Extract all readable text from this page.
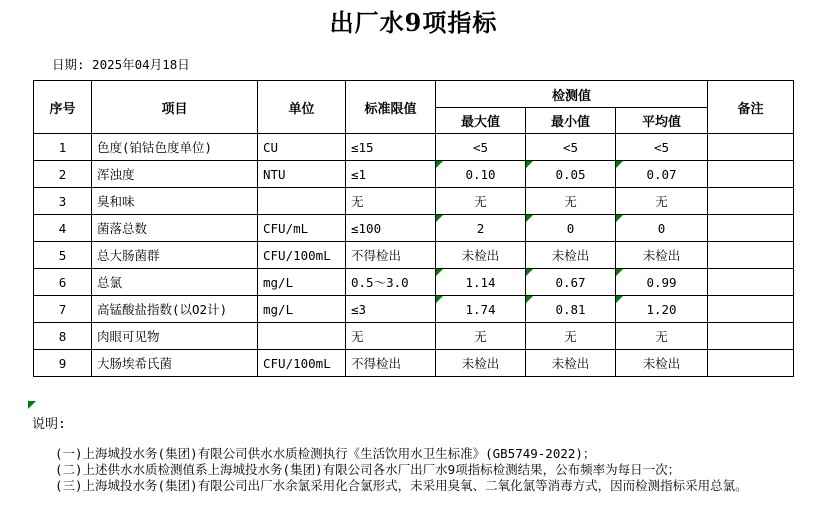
出厂水9项指标
日期: 2025年04月18日
序号	项目	单位	标准限值	检测值			备注
				最大值	最小值	平均值	
1	色度(铂钴色度单位)	CU	≤15	<5	<5	<5	
2	浑浊度	NTU	≤1	0.10	0.05	0.07	
3	臭和味		无	无	无	无	
4	菌落总数	CFU/mL	≤100	2	0	0	
5	总大肠菌群	CFU/100mL	不得检出	未检出	未检出	未检出	
6	总氯	mg/L	0.5～3.0	1.14	0.67	0.99	
7	高锰酸盐指数(以O2计)	mg/L	≤3	1.74	0.81	1.20	
8	肉眼可见物		无	无	无	无	
9	大肠埃希氏菌	CFU/100mL	不得检出	未检出	未检出	未检出	
说明:
(一)上海城投水务(集团)有限公司供水水质检测执行《生活饮用水卫生标准》(GB5749-2022)；
(二)上述供水水质检测值系上海城投水务(集团)有限公司各水厂出厂水9项指标检测结果，公布频率为每日一次；
(三)上海城投水务(集团)有限公司出厂水余氯采用化合氯形式，未采用臭氧、二氧化氯等消毒方式，因而检测指标采用总氯。
